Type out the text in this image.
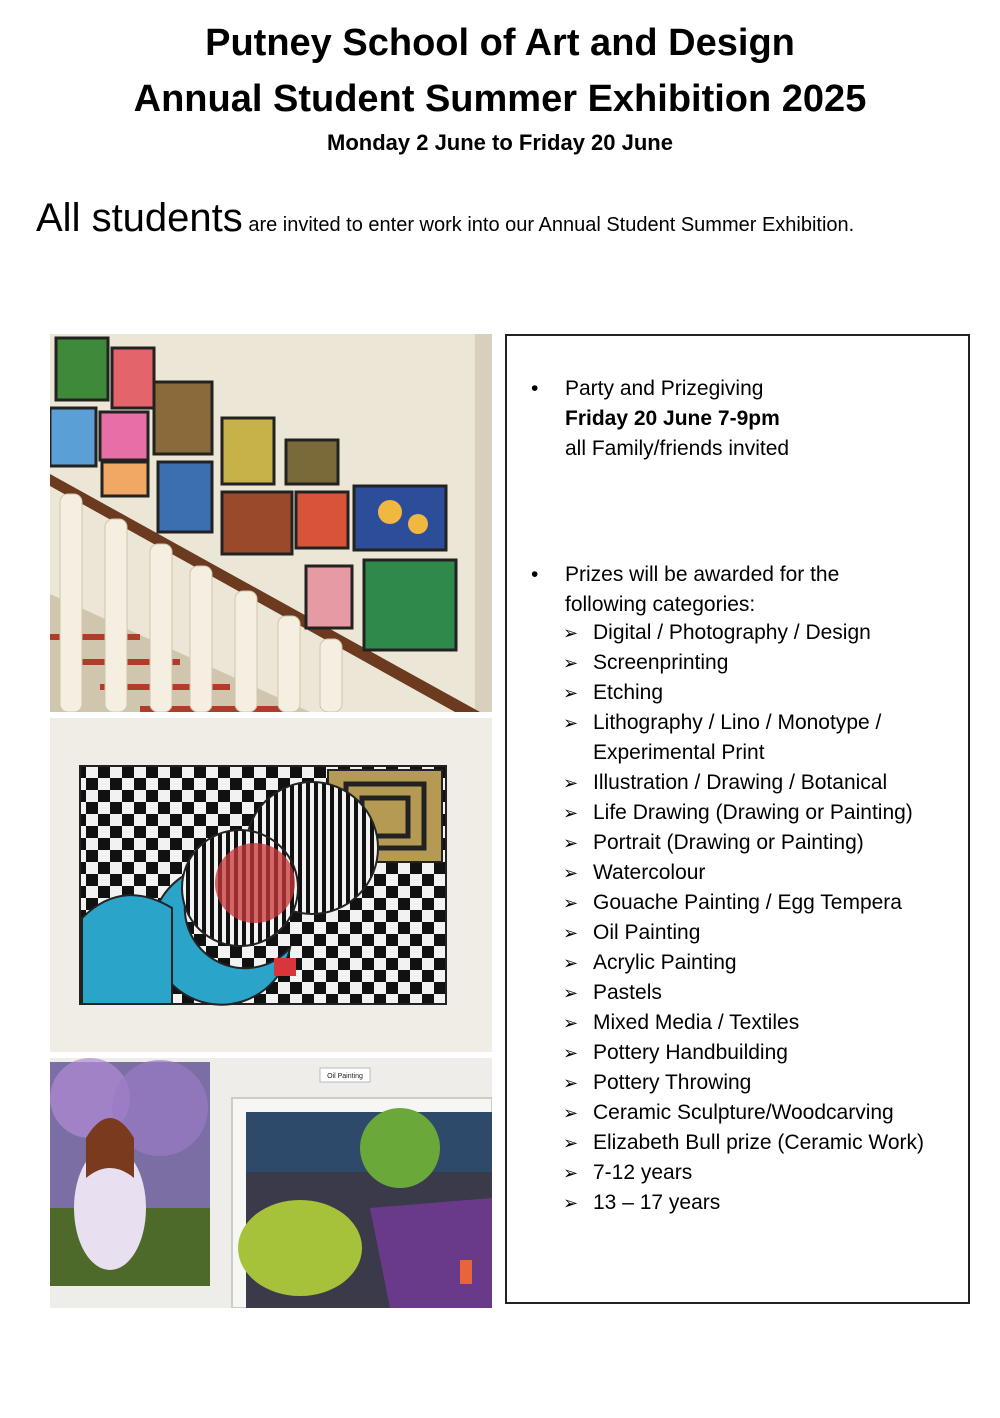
Putney School of Art and Design
Annual Student Summer Exhibition 2025
Monday 2 June to Friday 20 June
All students are invited to enter work into our Annual Student Summer Exhibition.
Oil Painting
• Party and Prizegiving
Friday 20 June 7-9pm
all Family/friends invited
• Prizes will be awarded for the
following categories:
➢ Digital / Photography / Design
➢ Screenprinting
➢ Etching
➢ Lithography / Lino / Monotype /
Experimental Print
➢ Illustration / Drawing / Botanical
➢ Life Drawing (Drawing or Painting)
➢ Portrait (Drawing or Painting)
➢ Watercolour
➢ Gouache Painting / Egg Tempera
➢ Oil Painting
➢ Acrylic Painting
➢ Pastels
➢ Mixed Media / Textiles
➢ Pottery Handbuilding
➢ Pottery Throwing
➢ Ceramic Sculpture/Woodcarving
➢ Elizabeth Bull prize (Ceramic Work)
➢ 7-12 years
➢ 13 – 17 years
